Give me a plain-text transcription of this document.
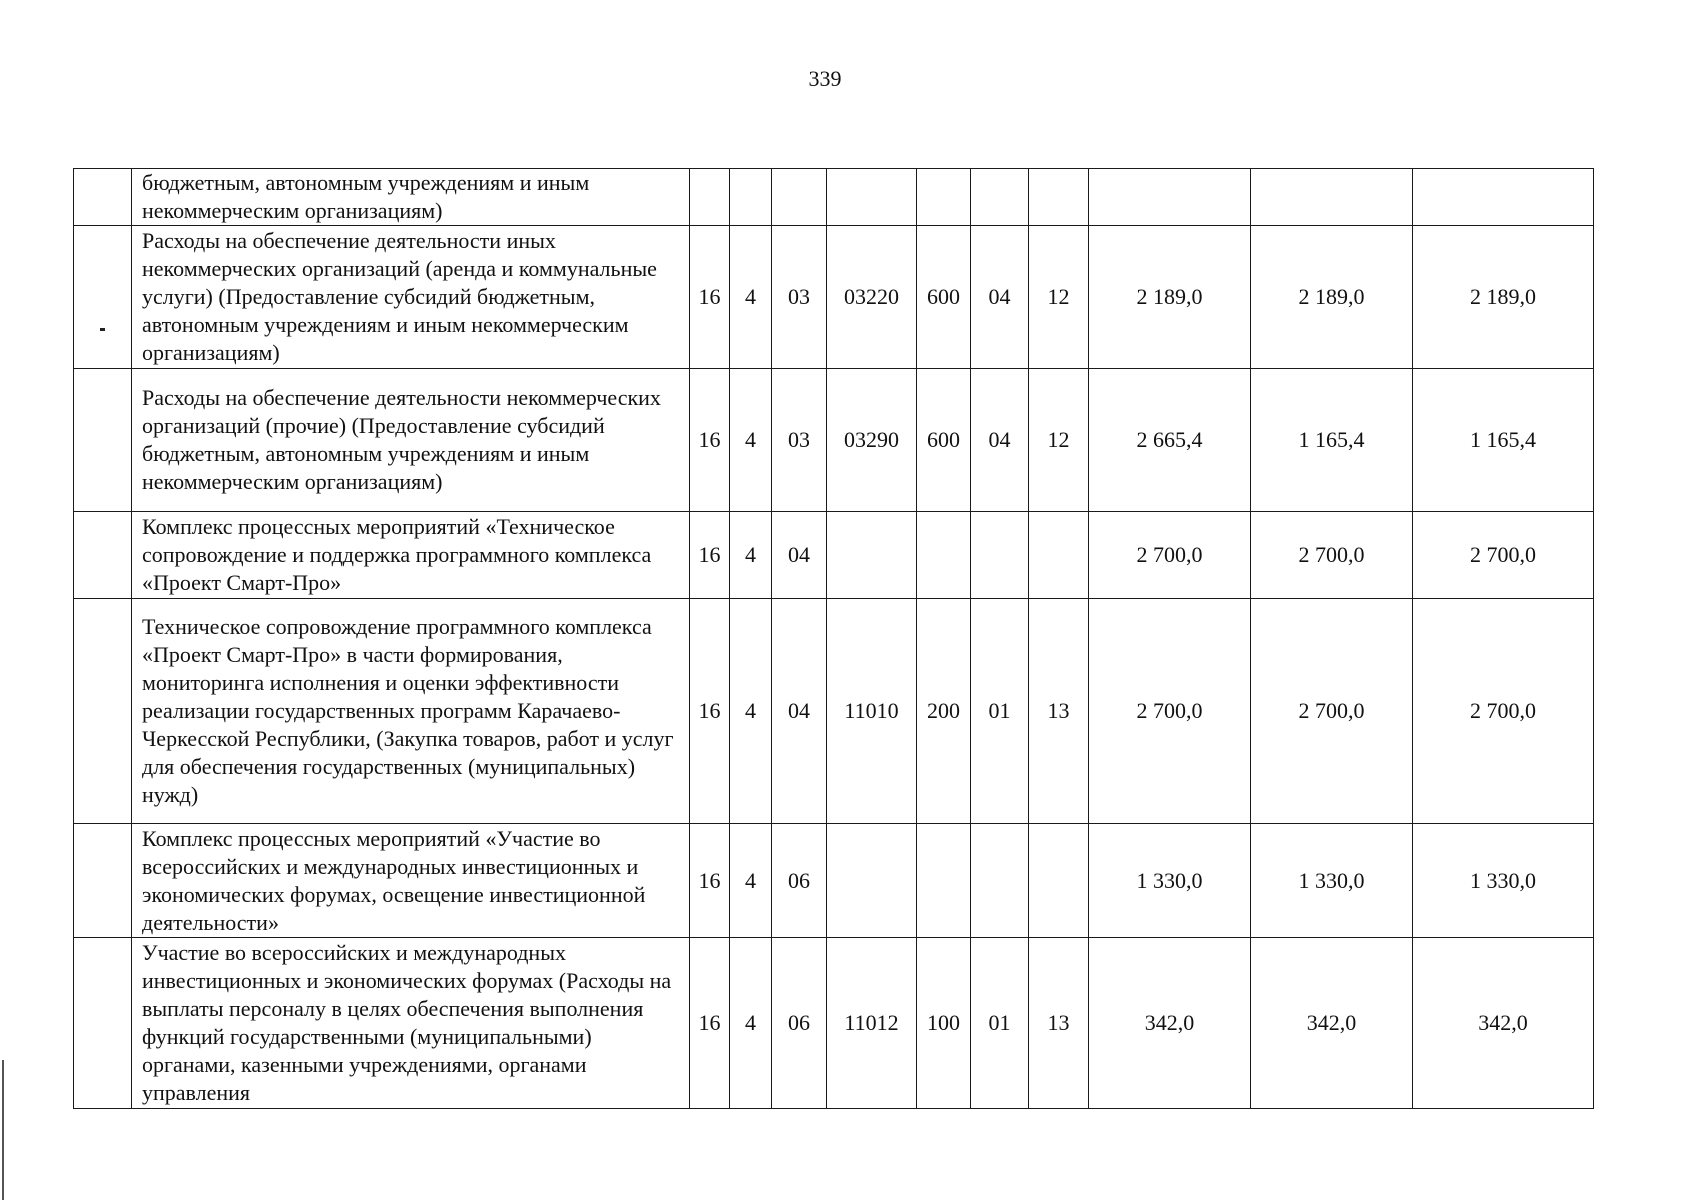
339
	бюджетным, автономным учреждениям и иным некоммерческим организациям)										
	Расходы на обеспечение деятельности иных некоммерческих организаций (аренда и коммунальные услуги) (Предоставление субсидий бюджетным, автономным учреждениям и иным некоммерческим организациям)	16	4	03	03220	600	04	12	2 189,0	2 189,0	2 189,0
	Расходы на обеспечение деятельности некоммерческих организаций (прочие) (Предоставление субсидий бюджетным, автономным учреждениям и иным некоммерческим организациям)	16	4	03	03290	600	04	12	2 665,4	1 165,4	1 165,4
	Комплекс процессных мероприятий «Техническое сопровождение и поддержка программного комплекса «Проект Смарт-Про»	16	4	04					2 700,0	2 700,0	2 700,0
	Техническое сопровождение программного комплекса «Проект Смарт-Про» в части формирования, мониторинга исполнения и оценки эффективности реализации государственных программ Карачаево-Черкесской Республики, (Закупка товаров, работ и услуг для обеспечения государственных (муниципальных) нужд)	16	4	04	11010	200	01	13	2 700,0	2 700,0	2 700,0
	Комплекс процессных мероприятий «Участие во всероссийских и международных инвестиционных и экономических форумах, освещение инвестиционной деятельности»	16	4	06					1 330,0	1 330,0	1 330,0
	Участие во всероссийских и международных инвестиционных и экономических форумах (Расходы на выплаты персоналу в целях обеспечения выполнения функций государственными (муниципальными) органами, казенными учреждениями, органами управления	16	4	06	11012	100	01	13	342,0	342,0	342,0
